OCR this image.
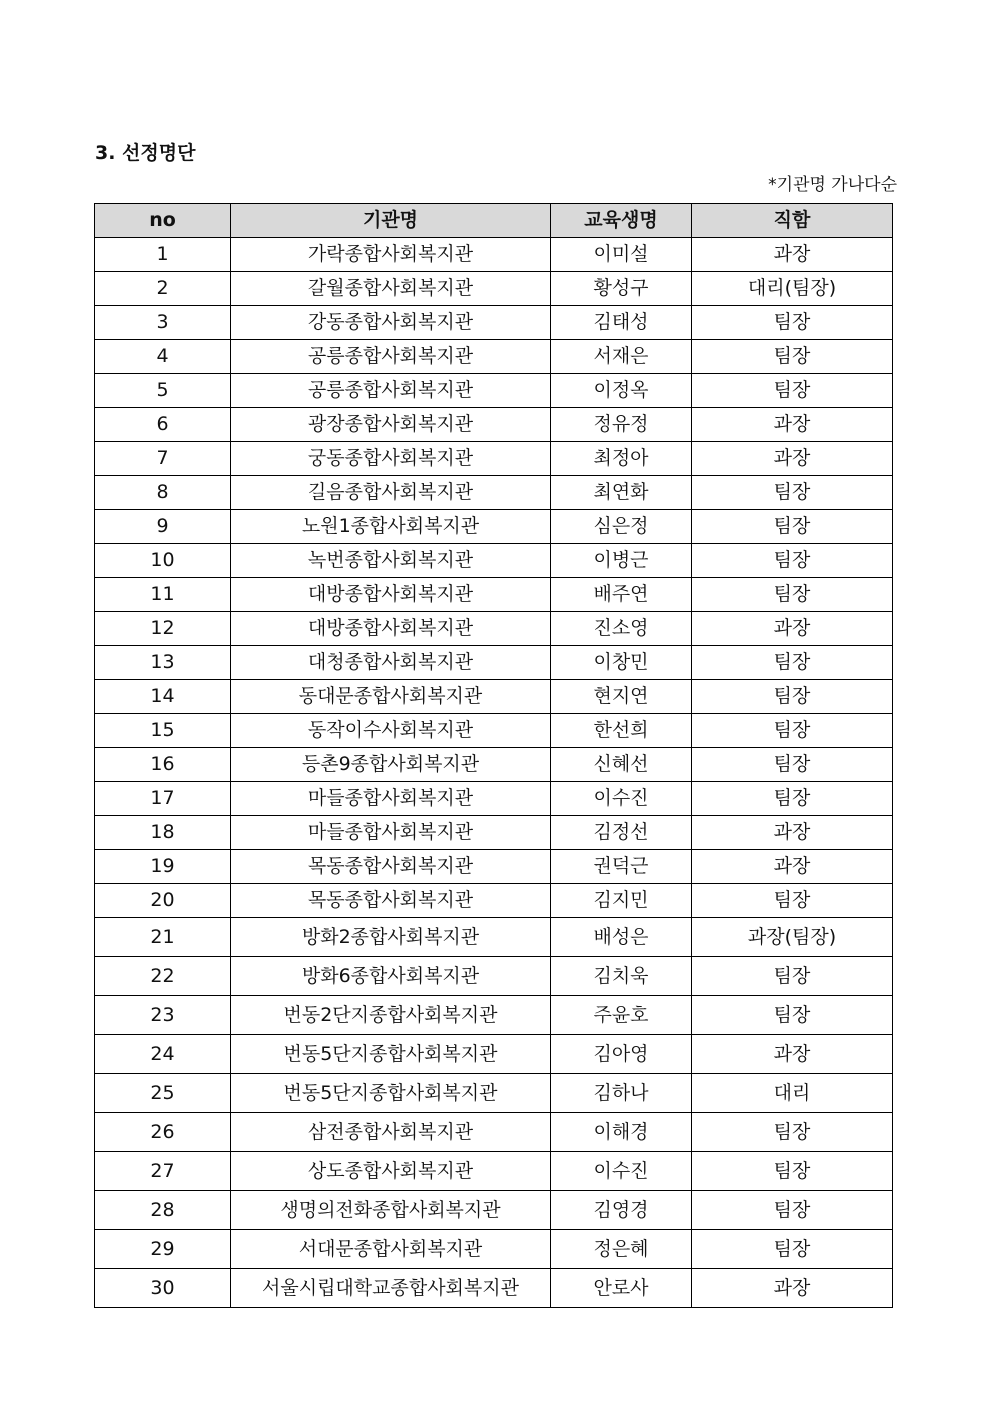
3. 선정명단
*기관명 가나다순
no	기관명	교육생명	직함
1	가락종합사회복지관	이미설	과장
2	갈월종합사회복지관	황성구	대리(팀장)
3	강동종합사회복지관	김태성	팀장
4	공릉종합사회복지관	서재은	팀장
5	공릉종합사회복지관	이정옥	팀장
6	광장종합사회복지관	정유정	과장
7	궁동종합사회복지관	최정아	과장
8	길음종합사회복지관	최연화	팀장
9	노원1종합사회복지관	심은정	팀장
10	녹번종합사회복지관	이병근	팀장
11	대방종합사회복지관	배주연	팀장
12	대방종합사회복지관	진소영	과장
13	대청종합사회복지관	이창민	팀장
14	동대문종합사회복지관	현지연	팀장
15	동작이수사회복지관	한선희	팀장
16	등촌9종합사회복지관	신혜선	팀장
17	마들종합사회복지관	이수진	팀장
18	마들종합사회복지관	김정선	과장
19	목동종합사회복지관	권덕근	과장
20	목동종합사회복지관	김지민	팀장
21	방화2종합사회복지관	배성은	과장(팀장)
22	방화6종합사회복지관	김치욱	팀장
23	번동2단지종합사회복지관	주윤호	팀장
24	번동5단지종합사회복지관	김아영	과장
25	번동5단지종합사회복지관	김하나	대리
26	삼전종합사회복지관	이해경	팀장
27	상도종합사회복지관	이수진	팀장
28	생명의전화종합사회복지관	김영경	팀장
29	서대문종합사회복지관	정은혜	팀장
30	서울시립대학교종합사회복지관	안로사	과장
